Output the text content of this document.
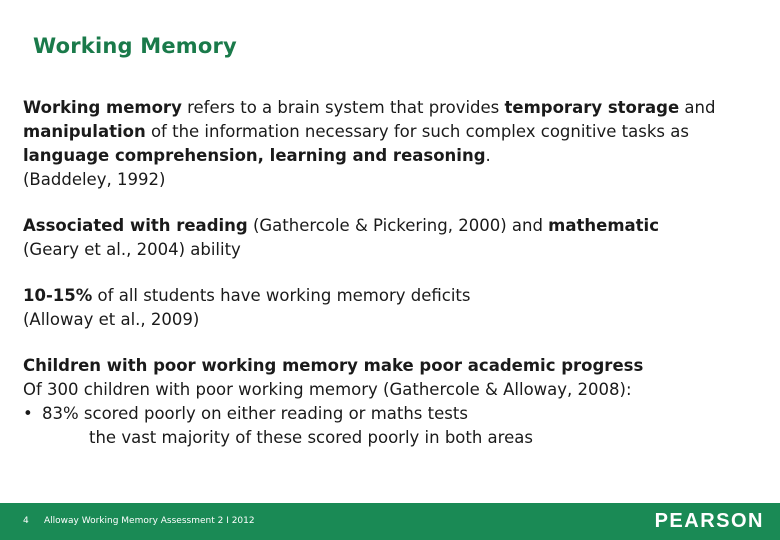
Working Memory

Working memory refers to a brain system that provides temporary storage and manipulation of the information necessary for such complex cognitive tasks as language comprehension, learning and reasoning.
(Baddeley, 1992)

Associated with reading (Gathercole & Pickering, 2000) and mathematic
(Geary et al., 2004) ability

10-15% of all students have working memory deficits
(Alloway et al., 2009)

Children with poor working memory make poor academic progress
Of 300 children with poor working memory (Gathercole & Alloway, 2008):
• 83% scored poorly on either reading or maths tests
the vast majority of these scored poorly in both areas
4 Alloway Working Memory Assessment 2 I 2012	PEARSON
